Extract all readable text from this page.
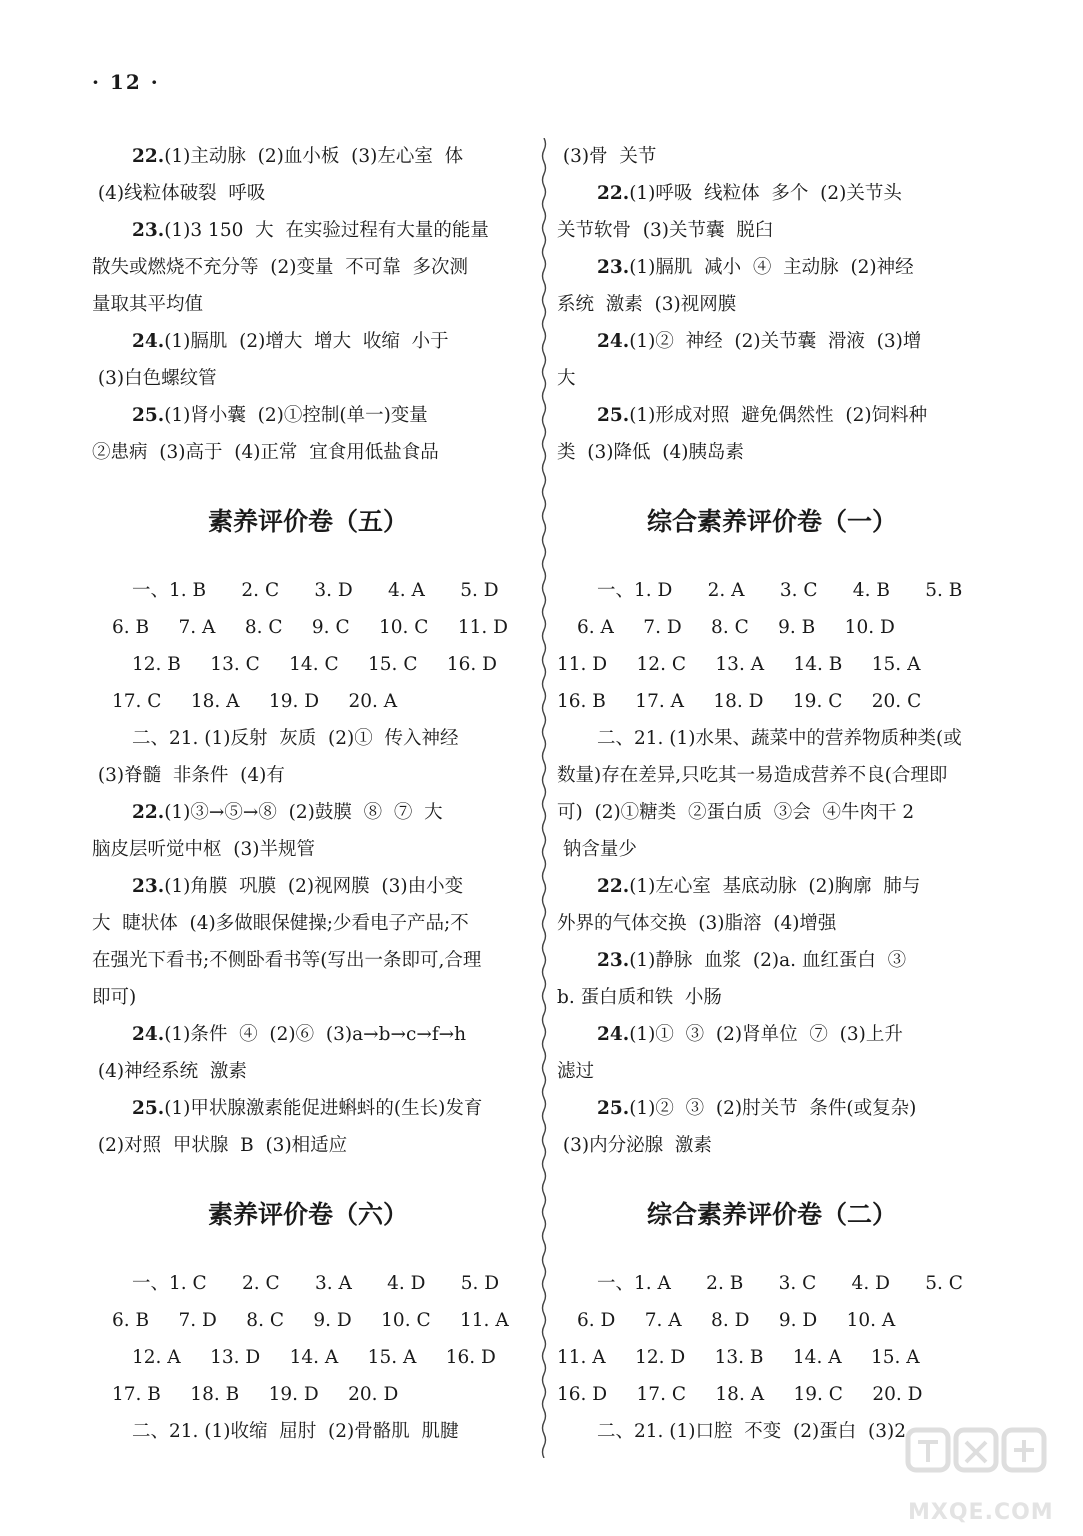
· 12 ·
22.(1)主动脉  (2)血小板  (3)左心室  体
(4)线粒体破裂  呼吸
23.(1)3 150  大  在实验过程有大量的能量
散失或燃烧不充分等  (2)变量  不可靠  多次测
量取其平均值
24.(1)膈肌  (2)增大  增大  收缩  小于
(3)白色螺纹管
25.(1)肾小囊  (2)①控制(单一)变量
②患病  (3)高于  (4)正常  宜食用低盐食品
素养评价卷（五）
一、1. B      2. C      3. D      4. A      5. D
6. B     7. A     8. C     9. C     10. C     11. D
12. B     13. C     14. C     15. C     16. D
17. C     18. A     19. D     20. A
二、21. (1)反射  灰质  (2)①  传入神经
(3)脊髓  非条件  (4)有
22.(1)③→⑤→⑧  (2)鼓膜  ⑧  ⑦  大
脑皮层听觉中枢  (3)半规管
23.(1)角膜  巩膜  (2)视网膜  (3)由小变
大  睫状体  (4)多做眼保健操;少看电子产品;不
在强光下看书;不侧卧看书等(写出一条即可,合理
即可)
24.(1)条件  ④  (2)⑥  (3)a→b→c→f→h
(4)神经系统  激素
25.(1)甲状腺激素能促进蝌蚪的(生长)发育
(2)对照  甲状腺  B  (3)相适应
素养评价卷（六）
一、1. C      2. C      3. A      4. D      5. D
6. B     7. D     8. C     9. D     10. C     11. A
12. A     13. D     14. A     15. A     16. D
17. B     18. B     19. D     20. D
二、21. (1)收缩  屈肘  (2)骨骼肌  肌腱
(3)骨  关节
22.(1)呼吸  线粒体  多个  (2)关节头
关节软骨  (3)关节囊  脱臼
23.(1)膈肌  减小  ④  主动脉  (2)神经
系统  激素  (3)视网膜
24.(1)②  神经  (2)关节囊  滑液  (3)增
大
25.(1)形成对照  避免偶然性  (2)饲料种
类  (3)降低  (4)胰岛素
综合素养评价卷（一）
一、1. D      2. A      3. C      4. B      5. B
6. A     7. D     8. C     9. B     10. D
11. D     12. C     13. A     14. B     15. A
16. B     17. A     18. D     19. C     20. C
二、21. (1)水果、蔬菜中的营养物质种类(或
数量)存在差异,只吃其一易造成营养不良(合理即
可)  (2)①糖类  ②蛋白质  ③会  ④牛肉干 2
钠含量少
22.(1)左心室  基底动脉  (2)胸廓  肺与
外界的气体交换  (3)脂溶  (4)增强
23.(1)静脉  血浆  (2)a. 血红蛋白  ③
b. 蛋白质和铁  小肠
24.(1)①  ③  (2)肾单位  ⑦  (3)上升
滤过
25.(1)②  ③  (2)肘关节  条件(或复杂)
(3)内分泌腺  激素
综合素养评价卷（二）
一、1. A      2. B      3. C      4. D      5. C
6. D     7. A     8. D     9. D     10. A
11. A     12. D     13. B     14. A     15. A
16. D     17. C     18. A     19. C     20. D
二、21. (1)口腔  不变  (2)蛋白  (3)2
MXQE.COM
